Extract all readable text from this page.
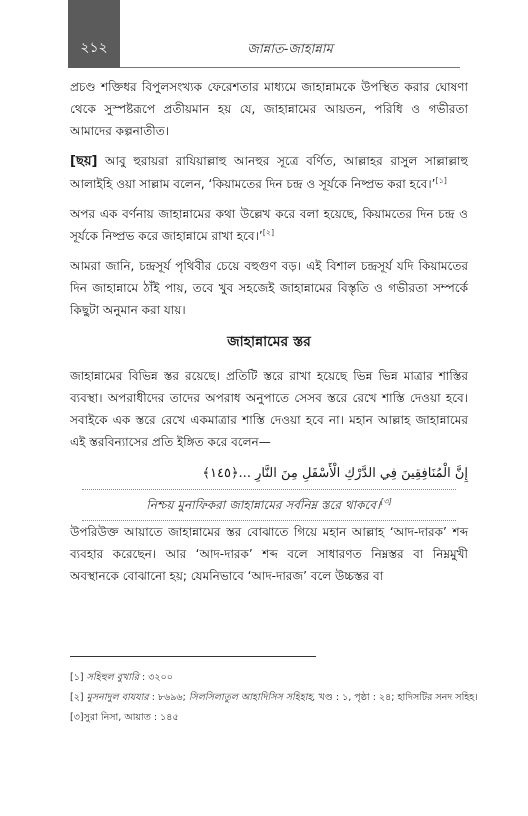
২১২	জান্নাত-জাহান্নাম

প্রচণ্ড শক্তিধর বিপুলসংখ্যক ফেরেশতার মাধ্যমে জাহান্নামকে উপস্থিত করার ঘোষণা থেকে সুস্পষ্টরূপে প্রতীয়মান হয় যে, জাহান্নামের আয়তন, পরিধি ও গভীরতা আমাদের কল্পনাতীত।

[ছয়] আবু হুরায়রা রাযিয়াল্লাহু আনহুর সূত্রে বর্ণিত, আল্লাহর রাসুল সাল্লাল্লাহু আলাইহি ওয়া সাল্লাম বলেন, ‘কিয়ামতের দিন চন্দ্র ও সূর্যকে নিষ্প্রভ করা হবে।’[১]

অপর এক বর্ণনায় জাহান্নামের কথা উল্লেখ করে বলা হয়েছে, কিয়ামতের দিন চন্দ্র ও সূর্যকে নিষ্প্রভ করে জাহান্নামে রাখা হবে।’[২]

আমরা জানি, চন্দ্রসূর্য পৃথিবীর চেয়ে বহুগুণ বড়। এই বিশাল চন্দ্রসূর্য যদি কিয়ামতের দিন জাহান্নামে ঠাঁই পায়, তবে খুব সহজেই জাহান্নামের বিস্তৃতি ও গভীরতা সম্পর্কে কিছুটা অনুমান করা যায়।

জাহান্নামের স্তর

জাহান্নামের বিভিন্ন স্তর রয়েছে। প্রতিটি স্তরে রাখা হয়েছে ভিন্ন ভিন্ন মাত্রার শাস্তির ব্যবস্থা। অপরাধীদের তাদের অপরাধ অনুপাতে সেসব স্তরে রেখে শাস্তি দেওয়া হবে। সবাইকে এক স্তরে রেখে একমাত্রার শাস্তি দেওয়া হবে না। মহান আল্লাহ জাহান্নামের এই স্তরবিন্যাসের প্রতি ইঙ্গিত করে বলেন—

إِنَّ الْمُنَافِقِينَ فِي الدَّرْكِ الْأَسْفَلِ مِنَ النَّارِ ...﴿١٤٥﴾
নিশ্চয় মুনাফিকরা জাহান্নামের সর্বনিম্ন স্তরে থাকবে।[৩]

উপরিউক্ত আয়াতে জাহান্নামের স্তর বোঝাতে গিয়ে মহান আল্লাহ ‘আদ-দারক’ শব্দ ব্যবহার করেছেন। আর ‘আদ-দারক’ শব্দ বলে সাধারণত নিম্নস্তর বা নিম্নমুখী অবস্থানকে বোঝানো হয়; যেমনিভাবে ‘আদ-দারজ’ বলে উচ্চস্তর বা

[১] সহিহুল বুখারি : ৩২০০
[২] মুসনাদুল বাযযার : ৮৬৯৬; সিলসিলাতুল আহাদিসিস সহিহাহ, খণ্ড : ১, পৃষ্ঠা : ২৪; হাদিসটির সনদ সহিহ।
[৩]সুরা নিসা, আয়াত : ১৪৫
